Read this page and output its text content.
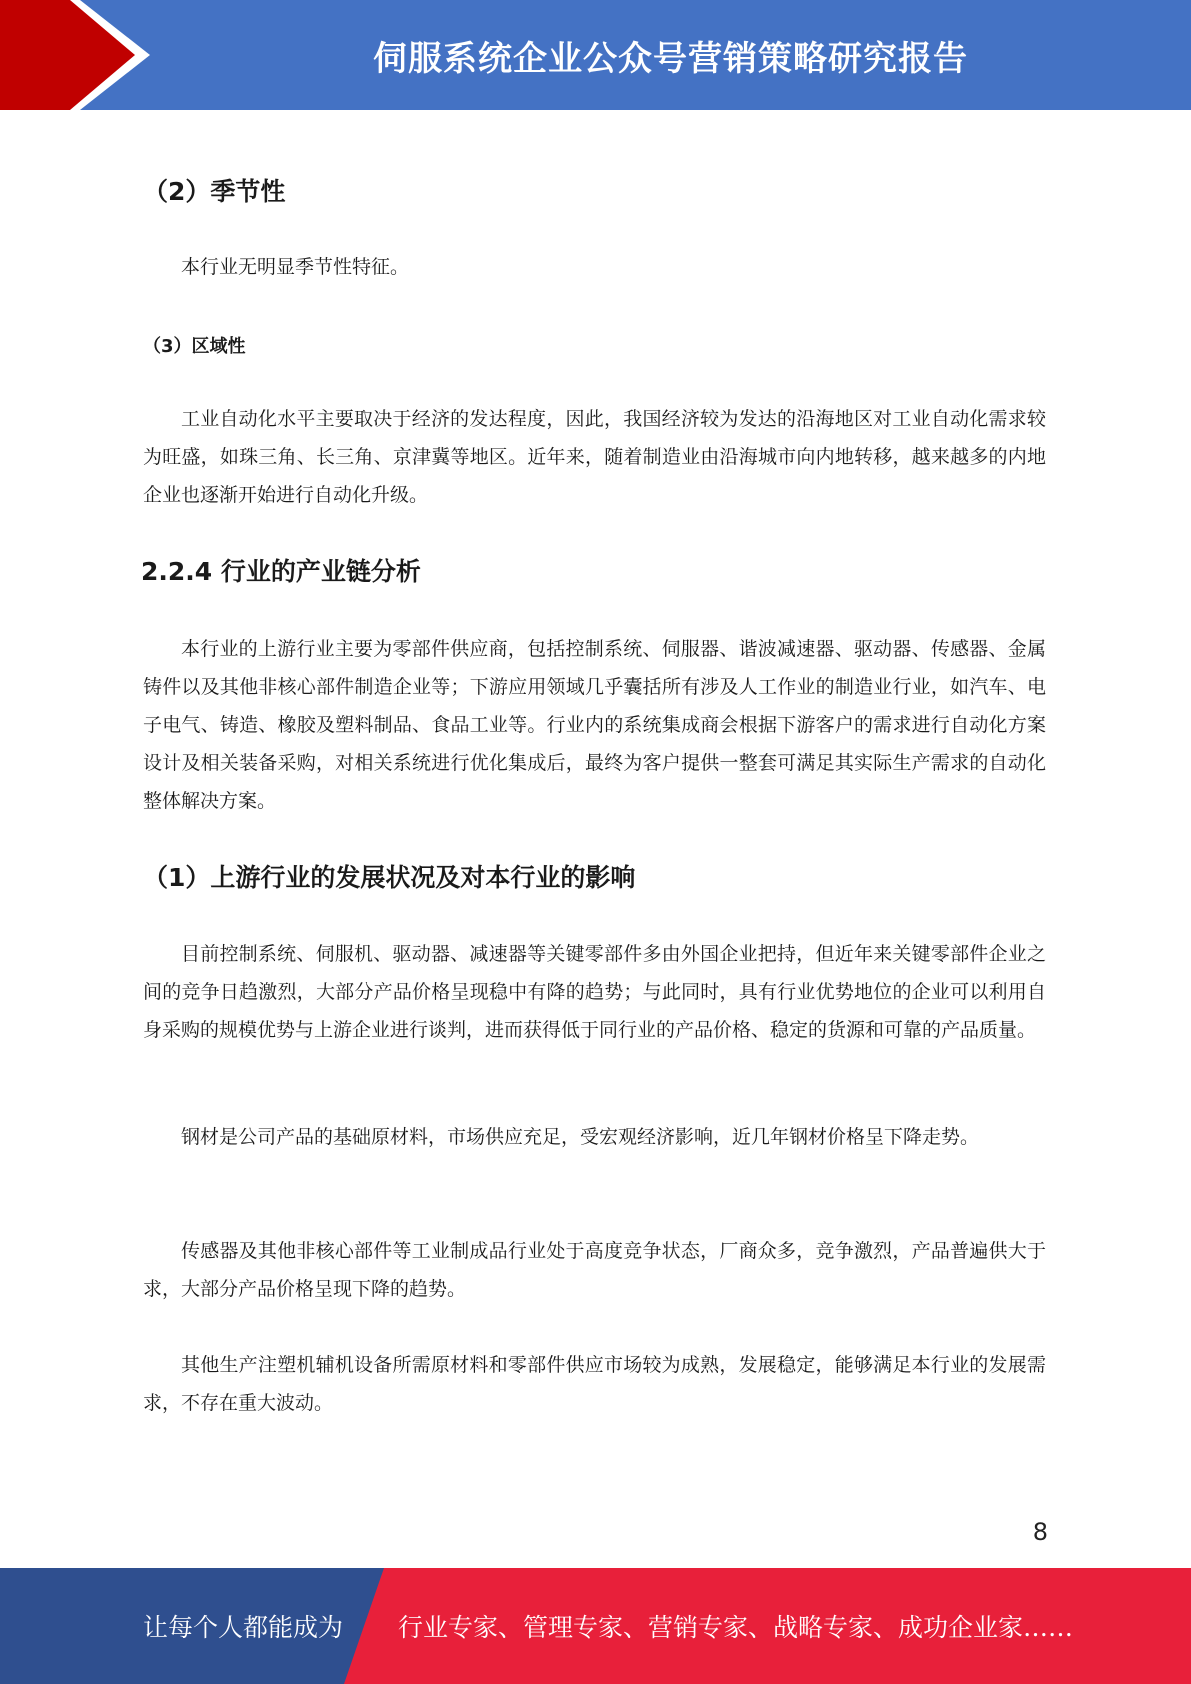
伺服系统企业公众号营销策略研究报告
（2）季节性

本行业无明显季节性特征。

（3）区域性

工业自动化水平主要取决于经济的发达程度，因此，我国经济较为发达的沿海地区对工业自动化需求较为旺盛，如珠三角、长三角、京津冀等地区。近年来，随着制造业由沿海城市向内地转移，越来越多的内地企业也逐渐开始进行自动化升级。

2.2.4 行业的产业链分析

本行业的上游行业主要为零部件供应商，包括控制系统、伺服器、谐波减速器、驱动器、传感器、金属铸件以及其他非核心部件制造企业等；下游应用领域几乎囊括所有涉及人工作业的制造业行业，如汽车、电子电气、铸造、橡胶及塑料制品、食品工业等。行业内的系统集成商会根据下游客户的需求进行自动化方案设计及相关装备采购，对相关系统进行优化集成后，最终为客户提供一整套可满足其实际生产需求的自动化整体解决方案。

（1）上游行业的发展状况及对本行业的影响

目前控制系统、伺服机、驱动器、减速器等关键零部件多由外国企业把持，但近年来关键零部件企业之间的竞争日趋激烈，大部分产品价格呈现稳中有降的趋势；与此同时，具有行业优势地位的企业可以利用自身采购的规模优势与上游企业进行谈判，进而获得低于同行业的产品价格、稳定的货源和可靠的产品质量。

钢材是公司产品的基础原材料，市场供应充足，受宏观经济影响，近几年钢材价格呈下降走势。

传感器及其他非核心部件等工业制成品行业处于高度竞争状态，厂商众多，竞争激烈，产品普遍供大于求，大部分产品价格呈现下降的趋势。

其他生产注塑机辅机设备所需原材料和零部件供应市场较为成熟，发展稳定，能够满足本行业的发展需求，不存在重大波动。

8
让每个人都能成为 行业专家、管理专家、营销专家、战略专家、成功企业家……
